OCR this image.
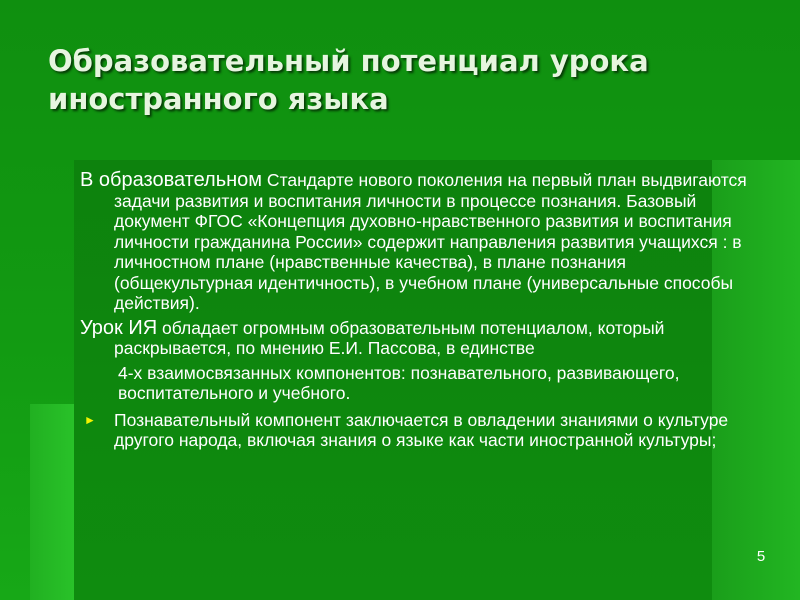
Образовательный потенциал урока иностранного языка

В образовательном Стандарте нового поколения на первый план выдвигаются задачи развития и воспитания личности в процессе познания. Базовый документ ФГОС «Концепция духовно-нравственного развития и воспитания личности гражданина России» содержит направления развития учащихся : в личностном плане (нравственные качества), в плане познания (общекультурная идентичность), в учебном плане (универсальные способы действия).

Урок ИЯ обладает огромным образовательным потенциалом, который раскрывается, по мнению Е.И. Пассова, в единстве

4-х взаимосвязанных компонентов: познавательного, развивающего, воспитательного и учебного.

►	Познавательный компонент заключается в овладении знаниями о культуре другого народа, включая знания о языке как части иностранной культуры;
5
